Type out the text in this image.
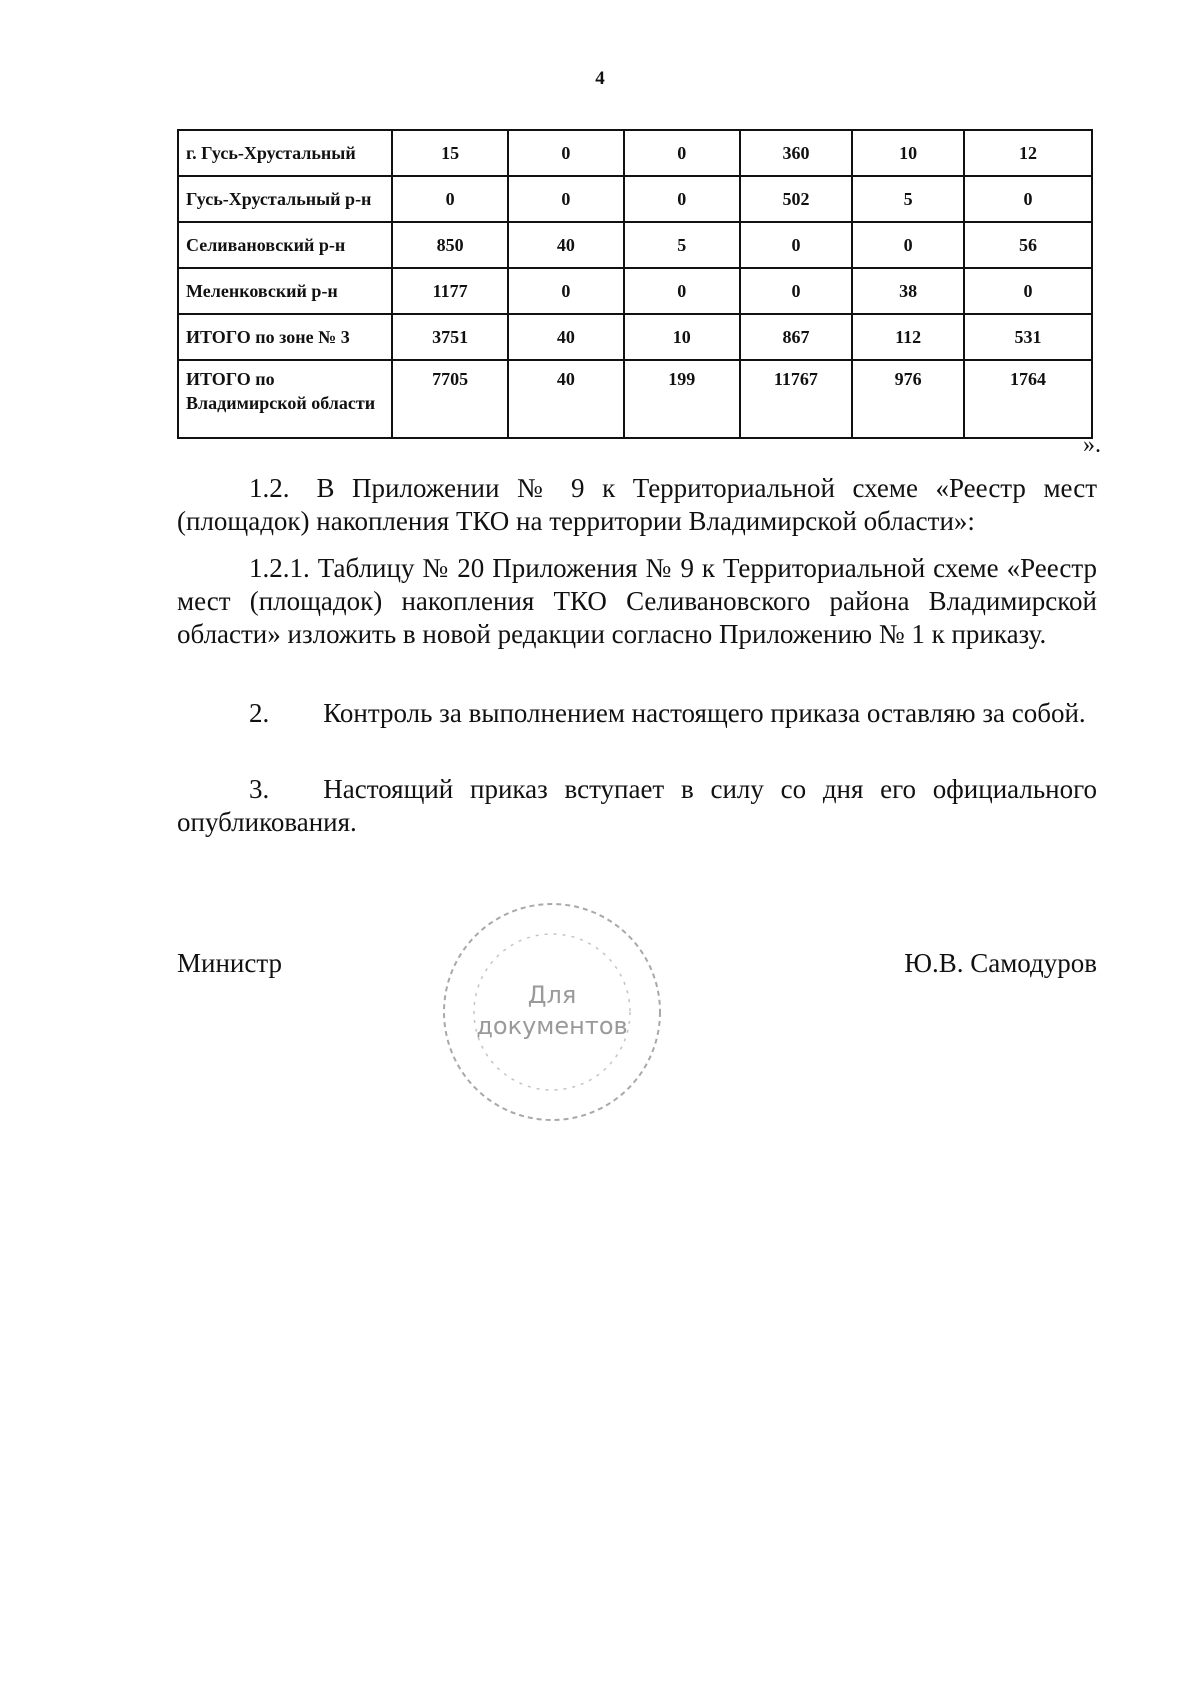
4
г. Гусь-Хрустальный	15	0	0	360	10	12
Гусь-Хрустальный р-н	0	0	0	502	5	0
Селивановский р-н	850	40	5	0	0	56
Меленковский р-н	1177	0	0	0	38	0
ИТОГО по зоне № 3	3751	40	10	867	112	531

ИТОГО по
Владимирской области	7705	40	199	11767	976	1764
».

1.2. В Приложении № 9 к Территориальной схеме «Реестр мест (площадок) накопления ТКО на территории Владимирской области»:

1.2.1. Таблицу № 20 Приложения № 9 к Территориальной схеме «Реестр мест (площадок) накопления ТКО Селивановского района Владимирской области» изложить в новой редакции согласно Приложению № 1 к приказу.

2.  Контроль за выполнением настоящего приказа оставляю за собой.

3.  Настоящий приказ вступает в силу со дня его официального опубликования.

Министр	Ю.В. Самодуров
Для
документов
